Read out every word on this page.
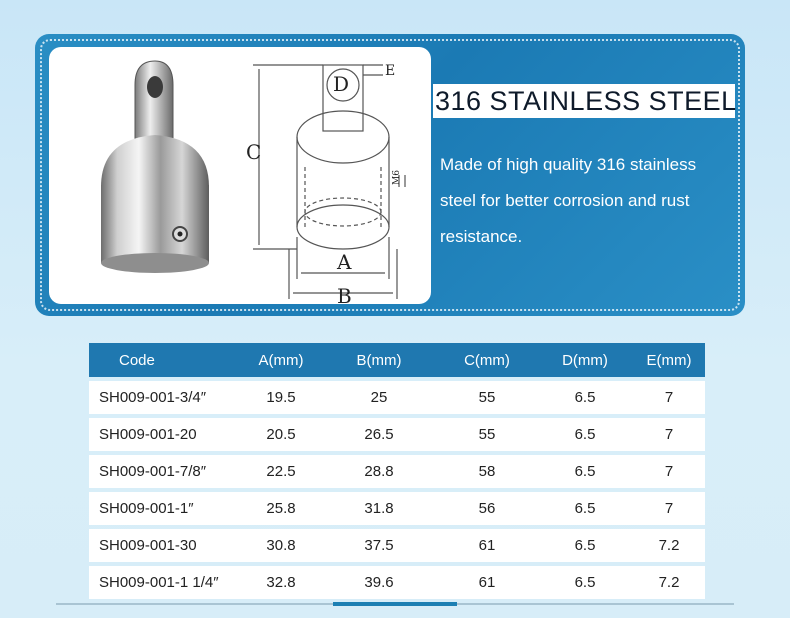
C
D
E
A
B
M6
316 STAINLESS STEEL
Made of high quality 316 stainless
steel for better corrosion and rust
resistance.
Code	A(mm)	B(mm)	C(mm)	D(mm)	E(mm)
SH009-001-3/4″	19.5	25	55	6.5	7
SH009-001-20	20.5	26.5	55	6.5	7
SH009-001-7/8″	22.5	28.8	58	6.5	7
SH009-001-1″	25.8	31.8	56	6.5	7
SH009-001-30	30.8	37.5	61	6.5	7.2
SH009-001-1 1/4″	32.8	39.6	61	6.5	7.2
